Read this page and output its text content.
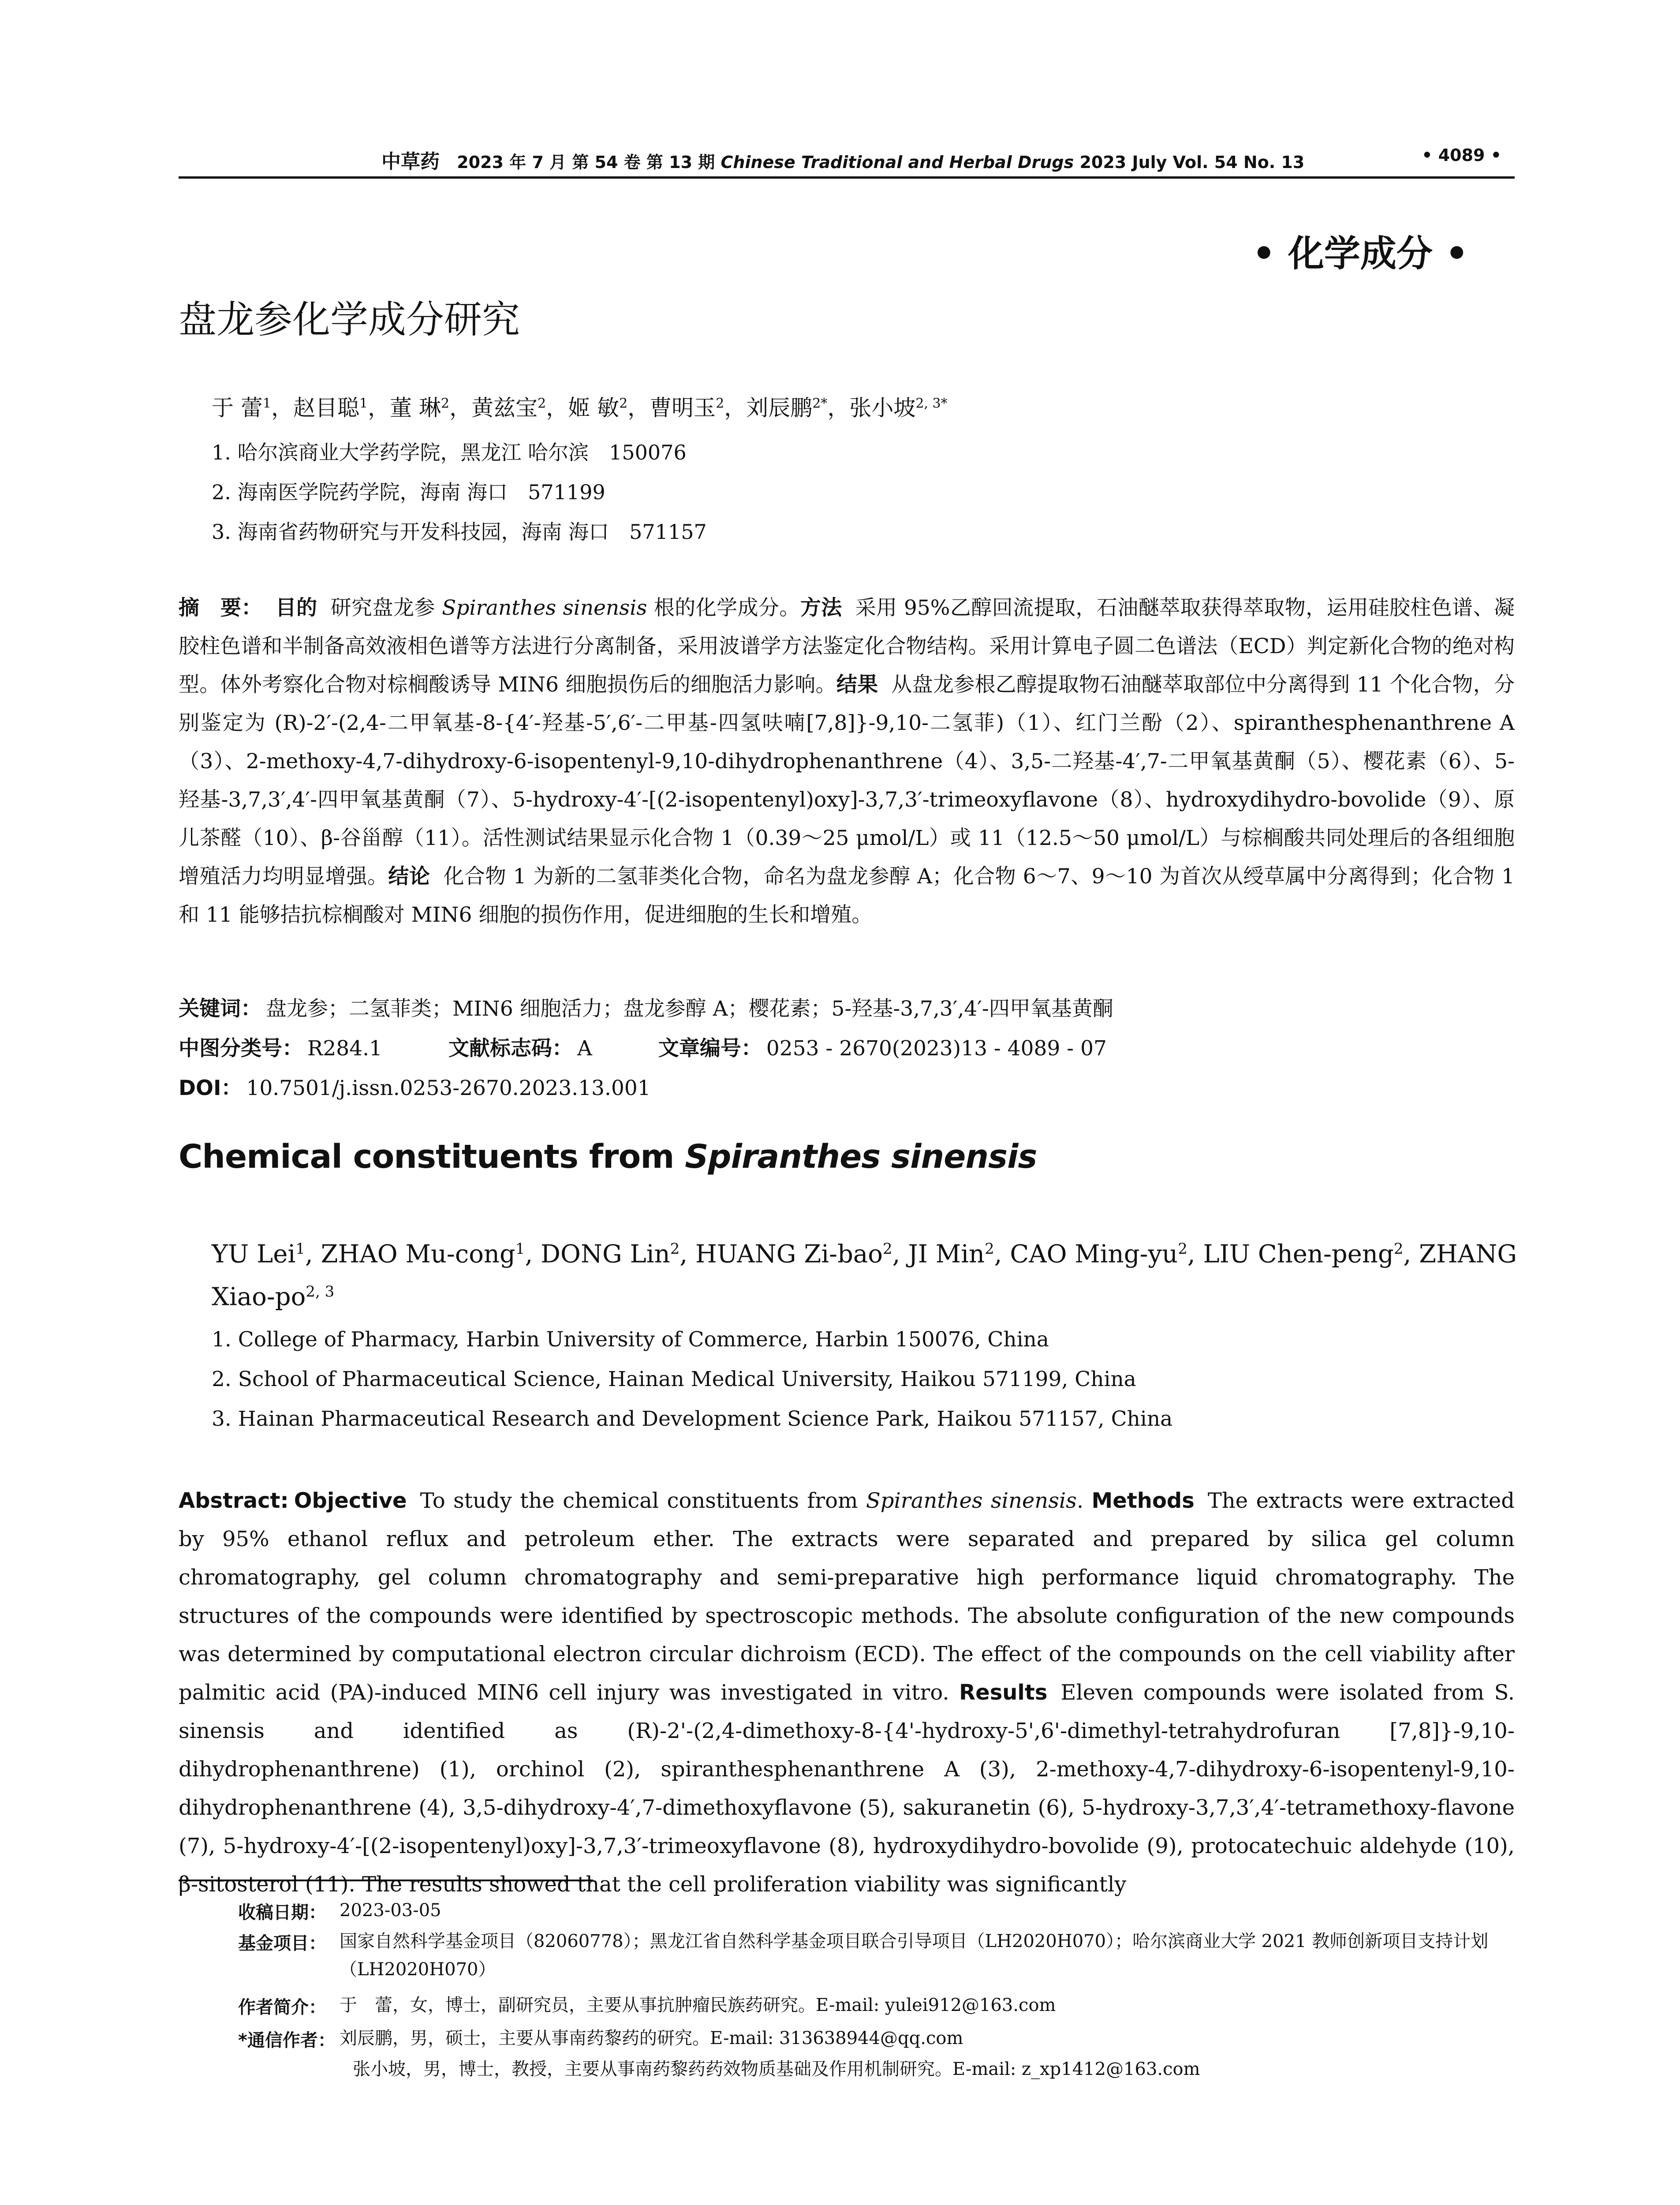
中草药 2023 年 7 月 第 54 卷 第 13 期 Chinese Traditional and Herbal Drugs 2023 July Vol. 54 No. 13	• 4089 •
• 化学成分 •
盘龙参化学成分研究
于 蕾$^1$，赵目聪$^1$，董 琳$^2$，黄兹宝$^2$，姬 敏$^2$，曹明玉$^2$，刘辰鹏$^{2*}$，张小坡$^{2, 3*}$
1. 哈尔滨商业大学药学院，黑龙江 哈尔滨　150076
2. 海南医学院药学院，海南 海口　571199
3. 海南省药物研究与开发科技园，海南 海口　571157

摘　要： 目的 研究盘龙参 Spiranthes sinensis 根的化学成分。方法 采用 95%乙醇回流提取，石油醚萃取获得萃取物，运用硅胶柱色谱、凝胶柱色谱和半制备高效液相色谱等方法进行分离制备，采用波谱学方法鉴定化合物结构。采用计算电子圆二色谱法（ECD）判定新化合物的绝对构型。体外考察化合物对棕榈酸诱导 MIN6 细胞损伤后的细胞活力影响。结果 从盘龙参根乙醇提取物石油醚萃取部位中分离得到 11 个化合物，分别鉴定为 (R)-2′-(2,4-二甲氧基-8-{4′-羟基-5′,6′-二甲基-四氢呋喃[7,8]}-9,10-二氢菲)（1）、红门兰酚（2）、spiranthesphenanthrene A（3）、2-methoxy-4,7-dihydroxy-6-isopentenyl-9,10-dihydrophenanthrene（4）、3,5-二羟基-4′,7-二甲氧基黄酮（5）、樱花素（6）、5-羟基-3,7,3′,4′-四甲氧基黄酮（7）、5-hydroxy-4′-[(2-isopentenyl)oxy]-3,7,3′-trimeoxyflavone（8）、hydroxydihydro-bovolide（9）、原儿茶醛（10）、β-谷甾醇（11）。活性测试结果显示化合物 1（0.39～25 μmol/L）或 11（12.5～50 μmol/L）与棕榈酸共同处理后的各组细胞增殖活力均明显增强。结论 化合物 1 为新的二氢菲类化合物，命名为盘龙参醇 A；化合物 6～7、9～10 为首次从绶草属中分离得到；化合物 1 和 11 能够拮抗棕榈酸对 MIN6 细胞的损伤作用，促进细胞的生长和增殖。

关键词： 盘龙参；二氢菲类；MIN6 细胞活力；盘龙参醇 A；樱花素；5-羟基-3,7,3′,4′-四甲氧基黄酮
中图分类号： R284.1	文献标志码： A	文章编号： 0253 - 2670(2023)13 - 4089 - 07
DOI： 10.7501/j.issn.0253-2670.2023.13.001
Chemical constituents from Spiranthes sinensis

YU Lei$^1$, ZHAO Mu-cong$^1$, DONG Lin$^2$, HUANG Zi-bao$^2$, JI Min$^2$, CAO Ming-$yu^2$, LIU Chen-peng$^2$, ZHANG Xiao-po$^{2, 3}$

1. College of Pharmacy, Harbin University of Commerce, Harbin 150076, China
2. School of Pharmaceutical Science, Hainan Medical University, Haikou 571199, China
3. Hainan Pharmaceutical Research and Development Science Park, Haikou 571157, China

Abstract: Objective To study the chemical constituents from Spiranthes sinensis. Methods The extracts were extracted by 95% ethanol reflux and petroleum ether. The extracts were separated and prepared by silica gel column chromatography, gel column chromatography and semi-preparative high performance liquid chromatography. The structures of the compounds were identified by spectroscopic methods. The absolute configuration of the new compounds was determined by computational electron circular dichroism (ECD). The effect of the compounds on the cell viability after palmitic acid (PA)-induced MIN6 cell injury was investigated in vitro. Results Eleven compounds were isolated from S. sinensis and identified as (R)-2'-(2,4-dimethoxy-8-{4'-hydroxy-5',6'-dimethyl-tetrahydrofuran [7,8]}-9,10-dihydrophenanthrene) (1), orchinol (2), spiranthesphenanthrene A (3), 2-methoxy-4,7-dihydroxy-6-isopentenyl-9,10-dihydrophenanthrene (4), 3,5-dihydroxy-4′,7-dimethoxyflavone (5), sakuranetin (6), 5-hydroxy-3,7,3′,4′-tetramethoxy-flavone (7), 5-hydroxy-4′-[(2-isopentenyl)oxy]-3,7,3′-trimeoxyflavone (8), hydroxydihydro-bovolide (9), protocatechuic aldehyde (10), β-sitosterol (11). The results showed that the cell proliferation viability was significantly

收稿日期： 2023-03-05
基金项目： 国家自然科学基金项目（82060778）；黑龙江省自然科学基金项目联合引导项目（LH2020H070）；哈尔滨商业大学 2021 教师创新项目支持计划（LH2020H070）
作者简介： 于　蕾，女，博士，副研究员，主要从事抗肿瘤民族药研究。E-mail: yulei912@163.com
*通信作者： 刘辰鹏，男，硕士，主要从事南药黎药的研究。E-mail: 313638944@qq.com
张小坡，男，博士，教授，主要从事南药黎药药效物质基础及作用机制研究。E-mail: z_xp1412@163.com
